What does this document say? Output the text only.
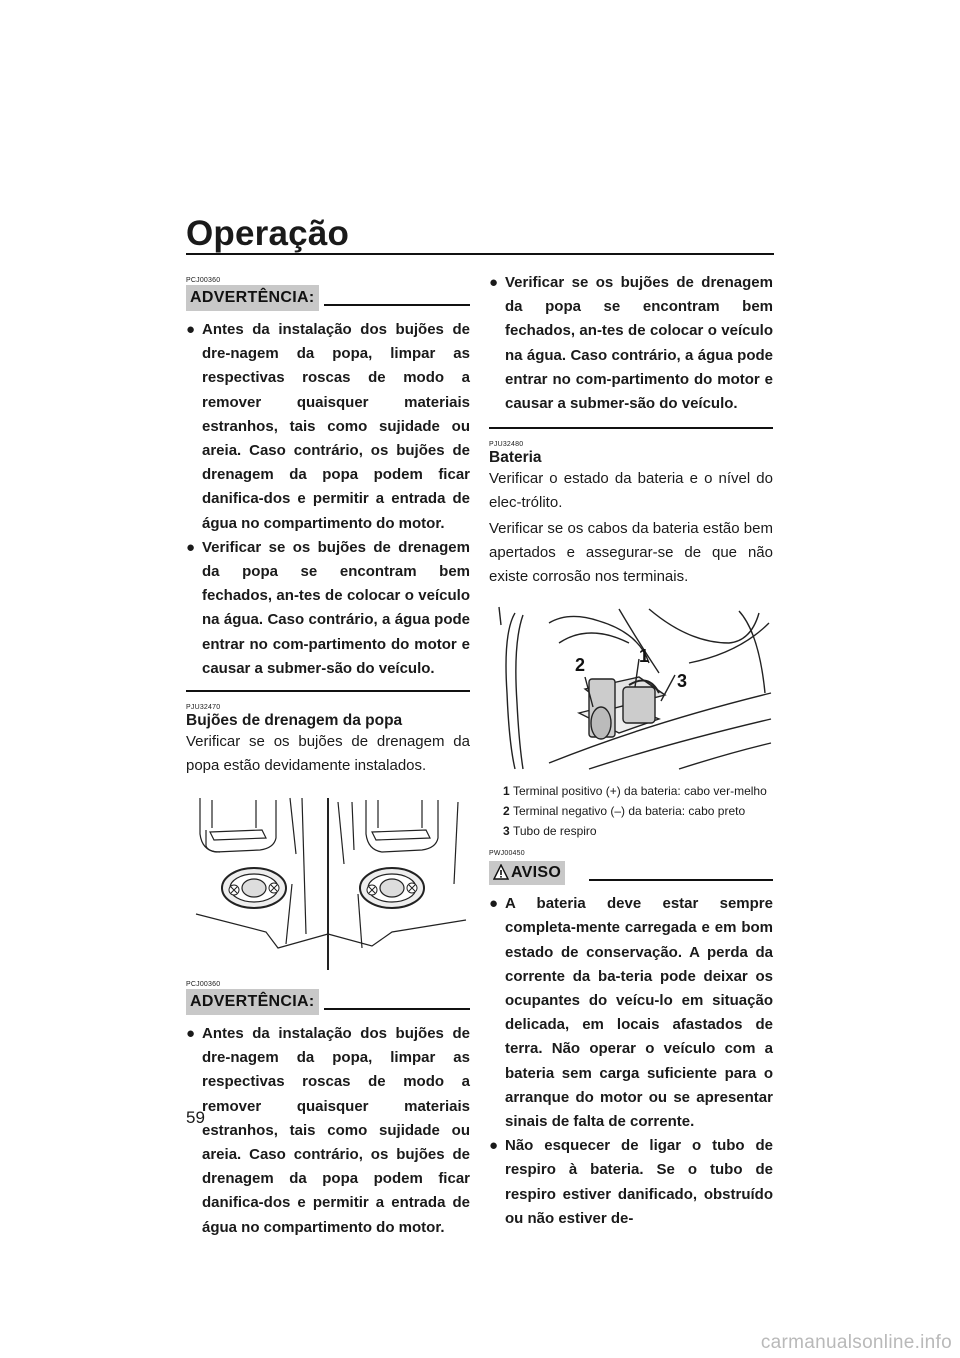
Operação
PCJ00360
ADVERTÊNCIA:
● Antes da instalação dos bujões de dre-nagem da popa, limpar as respectivas roscas de modo a remover quaisquer materiais estranhos, tais como sujidade ou areia. Caso contrário, os bujões de drenagem da popa podem ficar danifica-dos e permitir a entrada de água no compartimento do motor.
● Verificar se os bujões de drenagem da popa se encontram bem fechados, an-tes de colocar o veículo na água. Caso contrário, a água pode entrar no com-partimento do motor e causar a submer-são do veículo.
PJU32470
Bujões de drenagem da popa

Verificar se os bujões de drenagem da popa estão devidamente instalados.

PCJ00360
ADVERTÊNCIA:
● Antes da instalação dos bujões de dre-nagem da popa, limpar as respectivas roscas de modo a remover quaisquer materiais estranhos, tais como sujidade ou areia. Caso contrário, os bujões de drenagem da popa podem ficar danifica-dos e permitir a entrada de água no compartimento do motor.
● Verificar se os bujões de drenagem da popa se encontram bem fechados, an-tes de colocar o veículo na água. Caso contrário, a água pode entrar no com-partimento do motor e causar a submer-são do veículo.
PJU32480
Bateria

Verificar o estado da bateria e o nível do elec-trólito.

Verificar se os cabos da bateria estão bem apertados e assegurar-se de que não existe corrosão nos terminais.

1
2
3
1 Terminal positivo (+) da bateria: cabo ver-melho
2 Terminal negativo (–) da bateria: cabo preto
3 Tubo de respiro
PWJ00450
AVISO
● A bateria deve estar sempre completa-mente carregada e em bom estado de conservação. A perda da corrente da ba-teria pode deixar os ocupantes do veícu-lo em situação delicada, em locais afastados de terra. Não operar o veículo com a bateria sem carga suficiente para o arranque do motor ou se apresentar sinais de falta de corrente.
● Não esquecer de ligar o tubo de respiro à bateria. Se o tubo de respiro estiver danificado, obstruído ou não estiver de-
59
carmanualsonline.info
